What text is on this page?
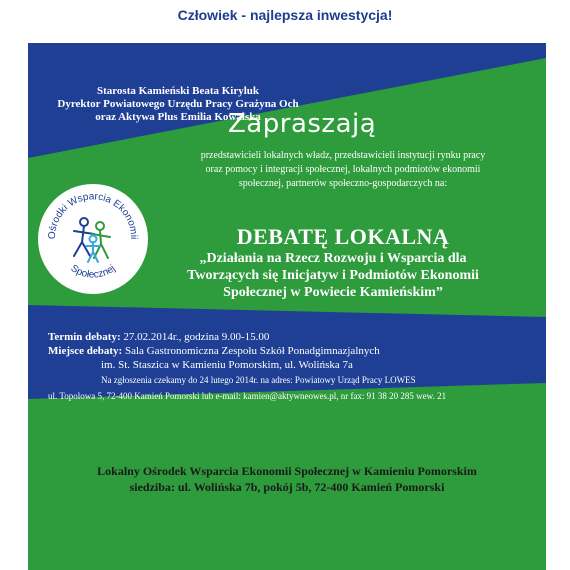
Człowiek - najlepsza inwestycja!
Starosta Kamieński Beata Kiryluk
Dyrektor Powiatowego Urzędu Pracy Grażyna Och
oraz Aktywa Plus Emilia Kowalska
Zapraszają
przedstawicieli lokalnych władz, przedstawicieli instytucji rynku pracy
oraz pomocy i integracji społecznej, lokalnych podmiotów ekonomii
społecznej, partnerów społeczno-gospodarczych na:
Ośrodki Wsparcia Ekonomii
Społecznej
DEBATĘ LOKALNĄ
„Działania na Rzecz Rozwoju i Wsparcia dla
Tworzących się Inicjatyw i Podmiotów Ekonomii
Społecznej w Powiecie Kamieńskim”
Termin debaty: 27.02.2014r., godzina 9.00-15.00
Miejsce debaty: Sala Gastronomiczna Zespołu Szkół Ponadgimnazjalnych
im. St. Staszica w Kamieniu Pomorskim, ul. Wolińska 7a
Na zgłoszenia czekamy do 24 lutego 2014r. na adres: Powiatowy Urząd Pracy LOWES
ul. Topolowa 5, 72-400 Kamień Pomorski lub e-mail: kamien@aktywneowes.pl, nr fax: 91 38 20 285 wew. 21
Lokalny Ośrodek Wsparcia Ekonomii Społecznej w Kamieniu Pomorskim
siedziba: ul. Wolińska 7b, pokój 5b, 72-400 Kamień Pomorski
